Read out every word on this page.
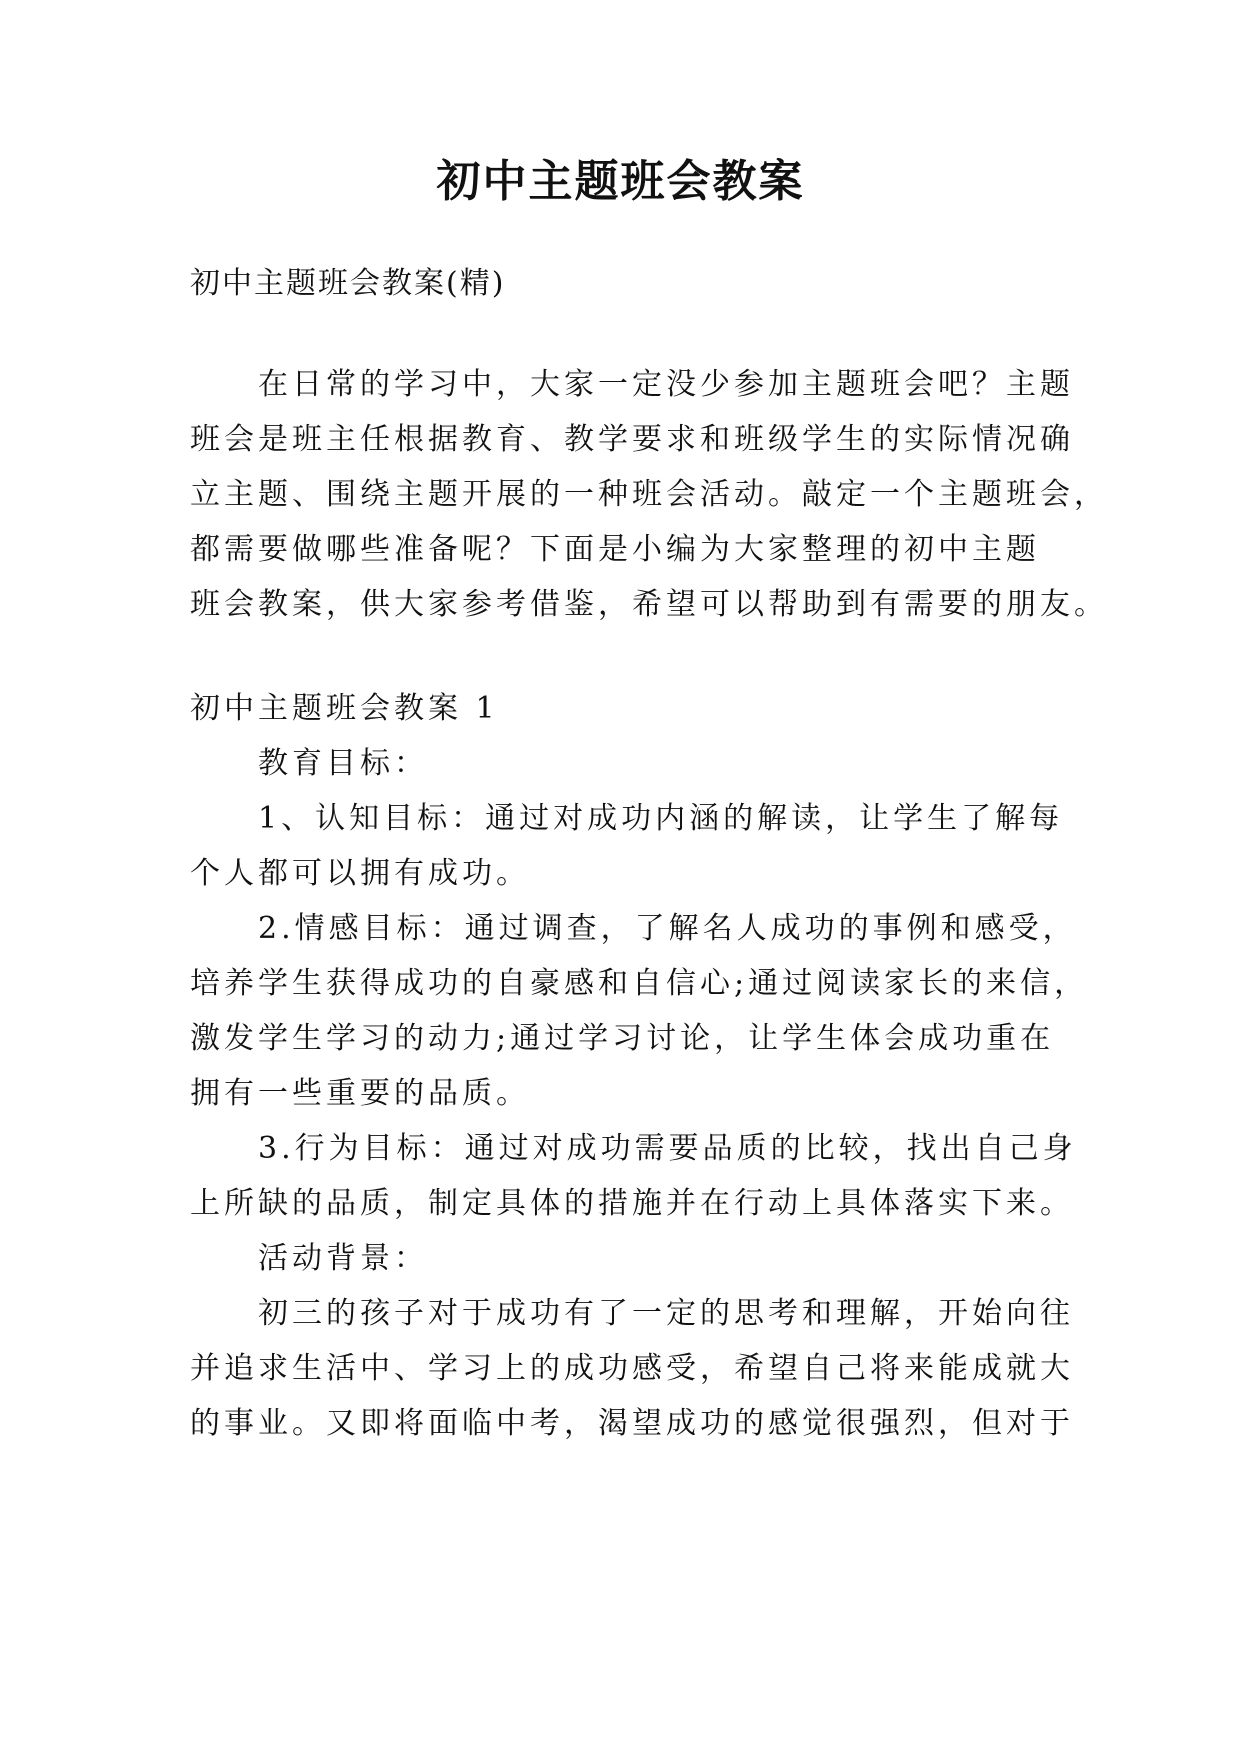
初中主题班会教案
初中主题班会教案(精)
　　在日常的学习中，大家一定没少参加主题班会吧？主题
班会是班主任根据教育、教学要求和班级学生的实际情况确
立主题、围绕主题开展的一种班会活动。敲定一个主题班会，
都需要做哪些准备呢？下面是小编为大家整理的初中主题
班会教案，供大家参考借鉴，希望可以帮助到有需要的朋友。
初中主题班会教案 1
　　教育目标：
　　1、认知目标：通过对成功内涵的解读，让学生了解每
个人都可以拥有成功。
　　2.情感目标：通过调查，了解名人成功的事例和感受，
培养学生获得成功的自豪感和自信心;通过阅读家长的来信，
激发学生学习的动力;通过学习讨论，让学生体会成功重在
拥有一些重要的品质。
　　3.行为目标：通过对成功需要品质的比较，找出自己身
上所缺的品质，制定具体的措施并在行动上具体落实下来。
　　活动背景：
　　初三的孩子对于成功有了一定的思考和理解，开始向往
并追求生活中、学习上的成功感受，希望自己将来能成就大
的事业。又即将面临中考，渴望成功的感觉很强烈，但对于
